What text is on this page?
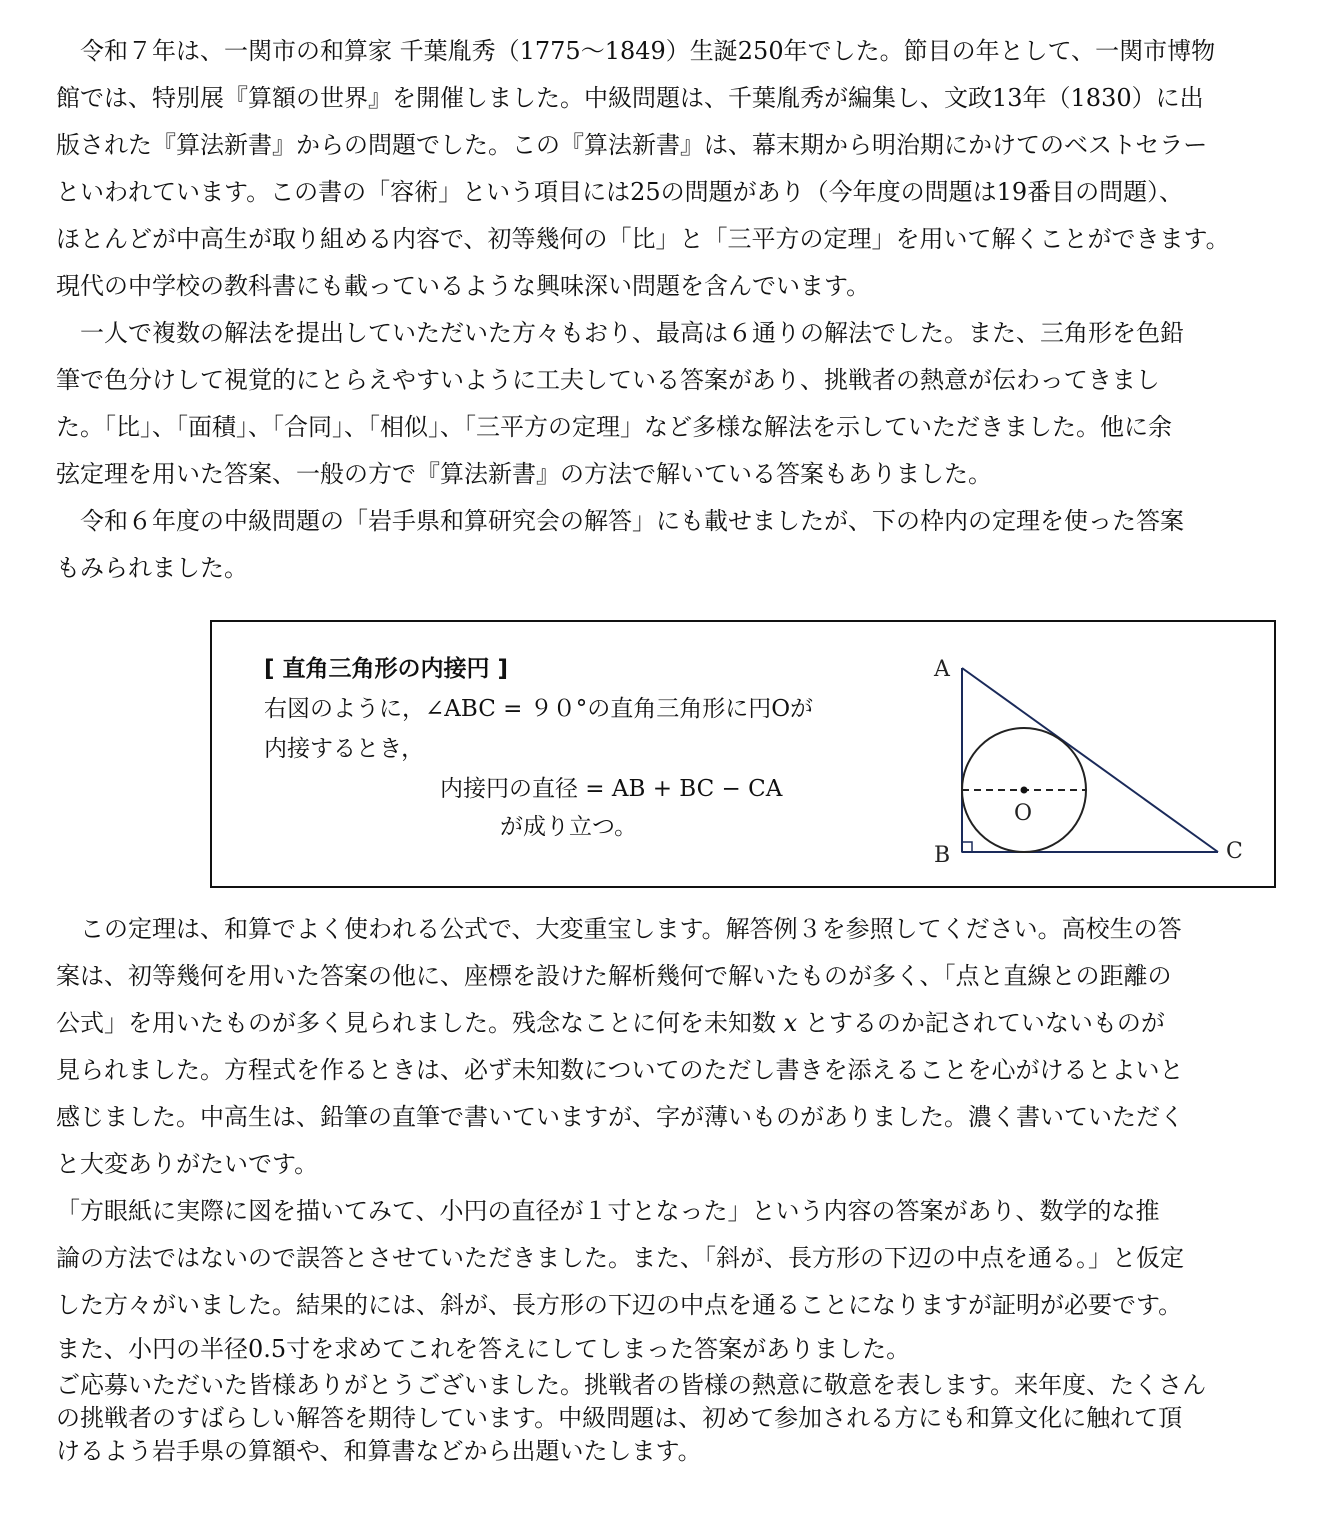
　令和７年は、一関市の和算家 千葉胤秀（1775～1849）生誕250年でした。節目の年として、一関市博物

館では、特別展『算額の世界』を開催しました。中級問題は、千葉胤秀が編集し、文政13年（1830）に出

版された『算法新書』からの問題でした。この『算法新書』は、幕末期から明治期にかけてのベストセラー

といわれています。この書の「容術」という項目には25の問題があり（今年度の問題は19番目の問題）、

ほとんどが中高生が取り組める内容で、初等幾何の「比」と「三平方の定理」を用いて解くことができます。

現代の中学校の教科書にも載っているような興味深い問題を含んでいます。

　一人で複数の解法を提出していただいた方々もおり、最高は６通りの解法でした。また、三角形を色鉛

筆で色分けして視覚的にとらえやすいように工夫している答案があり、挑戦者の熱意が伝わってきまし

た。「比」、「面積」、「合同」、「相似」、「三平方の定理」など多様な解法を示していただきました。他に余

弦定理を用いた答案、一般の方で『算法新書』の方法で解いている答案もありました。

　令和６年度の中級問題の「岩手県和算研究会の解答」にも載せましたが、下の枠内の定理を使った答案

もみられました。

[ 直角三角形の内接円 ]
右図のように，∠ABC = ９０°の直角三角形に円Oが
内接するとき，
内接円の直径 = AB + BC − CA
が成り立つ。
A
B	C
O

　この定理は、和算でよく使われる公式で、大変重宝します。解答例３を参照してください。高校生の答

案は、初等幾何を用いた答案の他に、座標を設けた解析幾何で解いたものが多く、「点と直線との距離の

公式」を用いたものが多く見られました。残念なことに何を未知数 x とするのか記されていないものが

見られました。方程式を作るときは、必ず未知数についてのただし書きを添えることを心がけるとよいと

感じました。中高生は、鉛筆の直筆で書いていますが、字が薄いものがありました。濃く書いていただく

と大変ありがたいです。

「方眼紙に実際に図を描いてみて、小円の直径が１寸となった」という内容の答案があり、数学的な推

論の方法ではないので誤答とさせていただきました。また、「斜が、長方形の下辺の中点を通る。」と仮定

した方々がいました。結果的には、斜が、長方形の下辺の中点を通ることになりますが証明が必要です。

また、小円の半径0.5寸を求めてこれを答えにしてしまった答案がありました。

ご応募いただいた皆様ありがとうございました。挑戦者の皆様の熱意に敬意を表します。来年度、たくさん

の挑戦者のすばらしい解答を期待しています。中級問題は、初めて参加される方にも和算文化に触れて頂

けるよう岩手県の算額や、和算書などから出題いたします。
